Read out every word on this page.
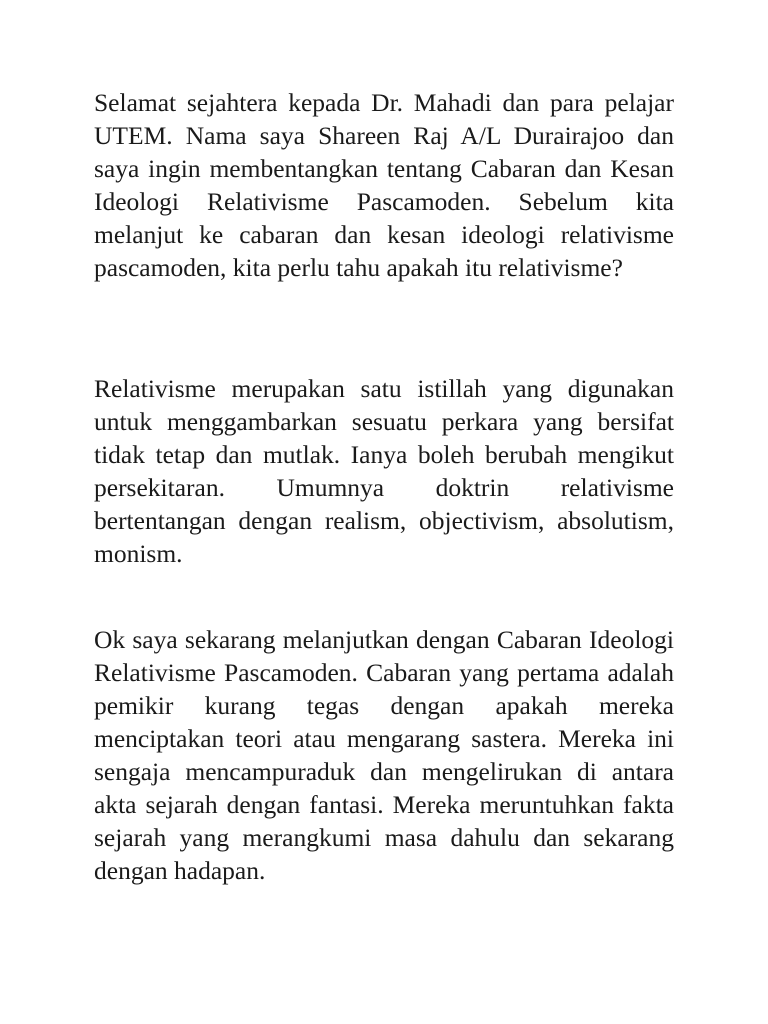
Selamat sejahtera kepada Dr. Mahadi dan para pelajar UTEM. Nama saya Shareen Raj A/L Durairajoo dan saya ingin membentangkan tentang Cabaran dan Kesan Ideologi Relativisme Pascamoden. Sebelum kita melanjut ke cabaran dan kesan ideologi relativisme pascamoden, kita perlu tahu apakah itu relativisme?

Relativisme merupakan satu istillah yang digunakan untuk menggambarkan sesuatu perkara yang bersifat tidak tetap dan mutlak. Ianya boleh berubah mengikut persekitaran. Umumnya doktrin relativisme bertentangan dengan realism, objectivism, absolutism, monism.

Ok saya sekarang melanjutkan dengan Cabaran Ideologi Relativisme Pascamoden. Cabaran yang pertama adalah pemikir kurang tegas dengan apakah mereka menciptakan teori atau mengarang sastera. Mereka ini sengaja mencampuraduk dan mengelirukan di antara akta sejarah dengan fantasi. Mereka meruntuhkan fakta sejarah yang merangkumi masa dahulu dan sekarang dengan hadapan.
